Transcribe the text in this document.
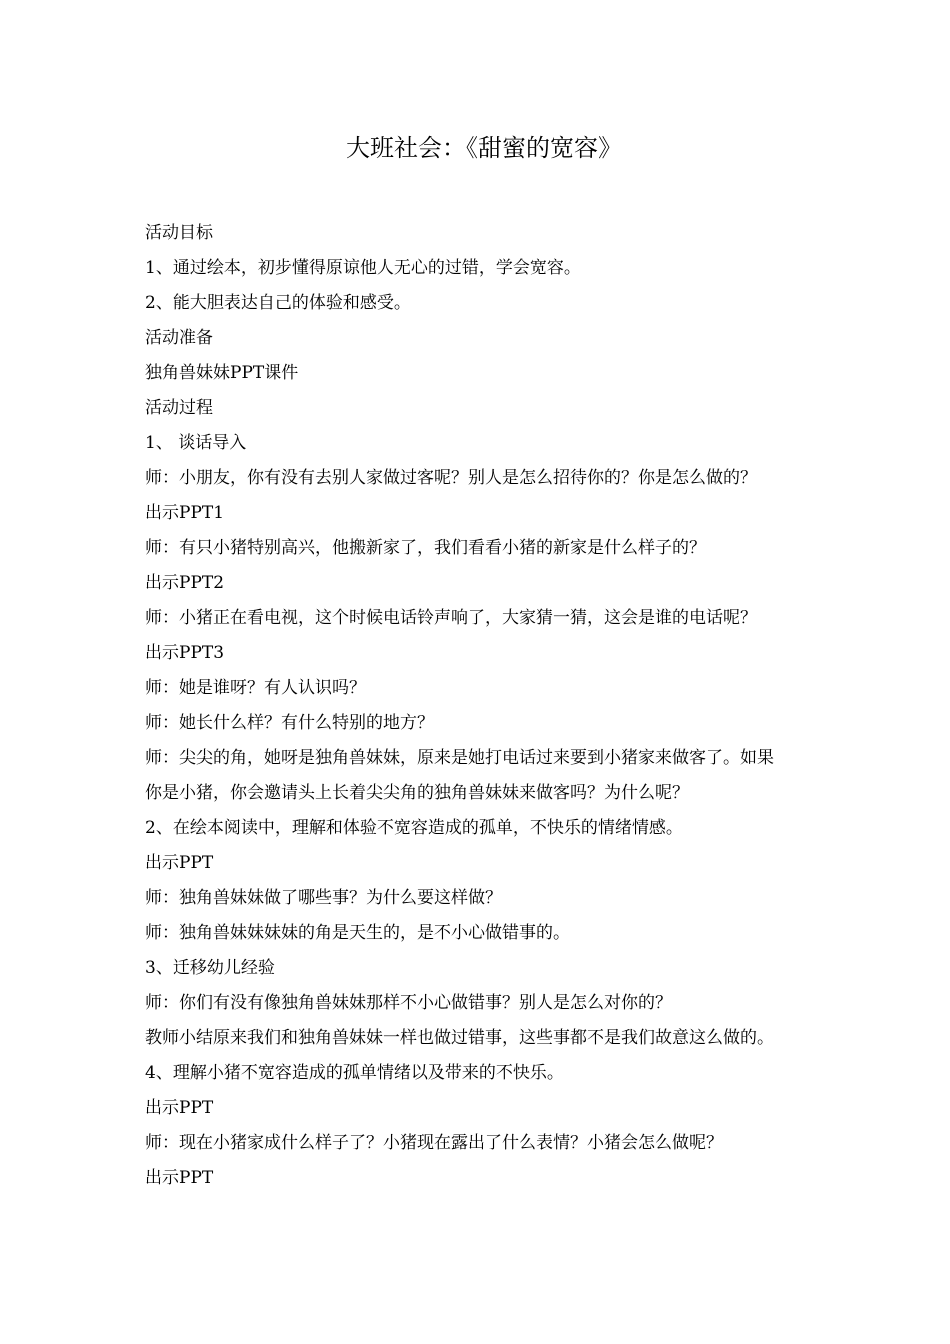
大班社会：《甜蜜的宽容》

活动目标

1、通过绘本，初步懂得原谅他人无心的过错，学会宽容。

2、能大胆表达自己的体验和感受。

活动准备

独角兽妹妹PPT课件

活动过程

1、 谈话导入

师：小朋友，你有没有去别人家做过客呢？别人是怎么招待你的？你是怎么做的？

出示PPT1

师：有只小猪特别高兴，他搬新家了，我们看看小猪的新家是什么样子的？

出示PPT2

师：小猪正在看电视，这个时候电话铃声响了，大家猜一猜，这会是谁的电话呢？

出示PPT3

师：她是谁呀？有人认识吗？

师：她长什么样？有什么特别的地方？

师：尖尖的角，她呀是独角兽妹妹，原来是她打电话过来要到小猪家来做客了。如果

你是小猪，你会邀请头上长着尖尖角的独角兽妹妹来做客吗？为什么呢？

2、在绘本阅读中，理解和体验不宽容造成的孤单，不快乐的情绪情感。

出示PPT

师：独角兽妹妹做了哪些事？为什么要这样做？

师：独角兽妹妹妹妹的角是天生的，是不小心做错事的。

3、迁移幼儿经验

师：你们有没有像独角兽妹妹那样不小心做错事？别人是怎么对你的？

教师小结原来我们和独角兽妹妹一样也做过错事，这些事都不是我们故意这么做的。

4、理解小猪不宽容造成的孤单情绪以及带来的不快乐。

出示PPT

师：现在小猪家成什么样子了？小猪现在露出了什么表情？小猪会怎么做呢？

出示PPT
